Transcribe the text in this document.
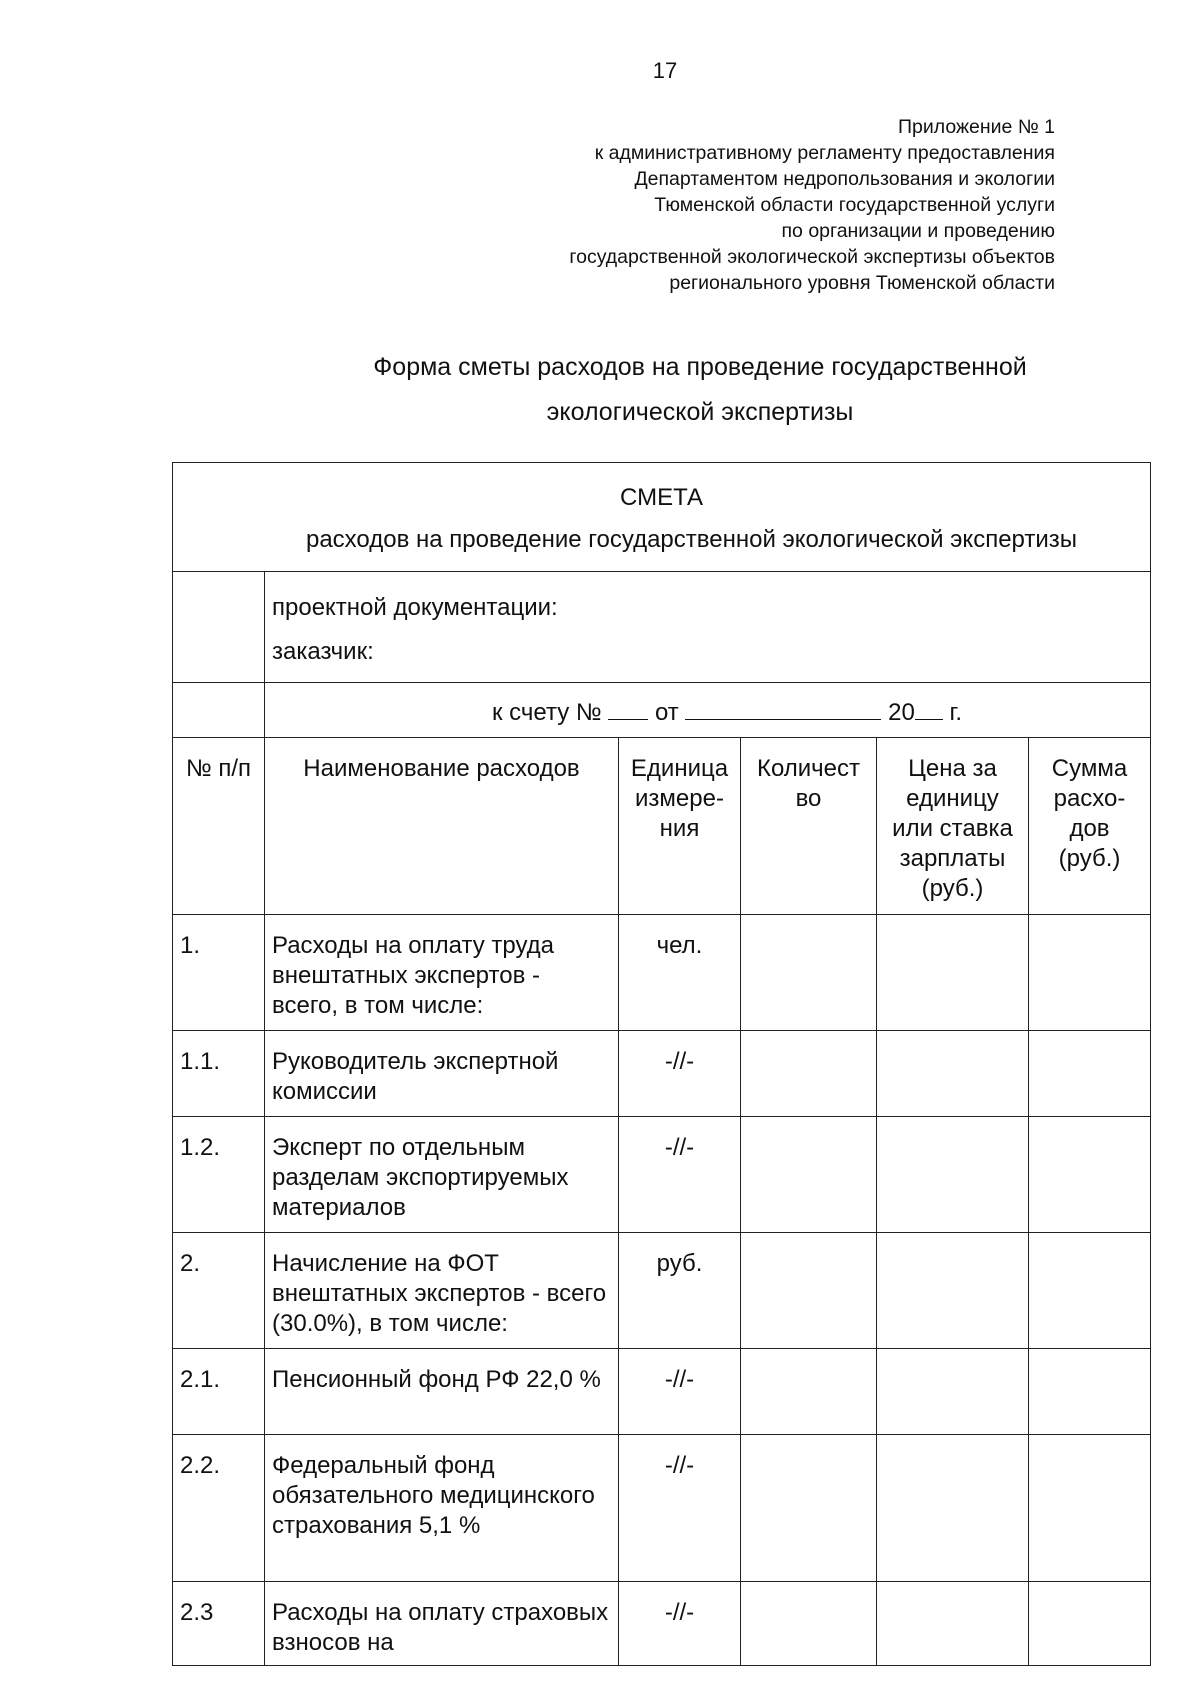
17
Приложение № 1
к административному регламенту предоставления
Департаментом недропользования и экологии
Тюменской области государственной услуги
по организации и проведению
государственной экологической экспертизы объектов
регионального уровня Тюменской области
Форма сметы расходов на проведение государственной
экологической экспертизы
СМЕТА
расходов на проведение государственной экологической экспертизы					

	проектной документации:
заказчик:				

	к счету № от 20 г.				

№ п/п	Наименование расходов	Единица измере-ния	Количест во	Цена за единицу или ставка зарплаты (руб.)	Сумма расхо-дов (руб.)
1.	Расходы на оплату труда внештатных экспертов - всего, в том числе:	чел.			
1.1.	Руководитель экспертной комиссии	-//-			
1.2.	Эксперт по отдельным разделам экспортируемых материалов	-//-			
2.	Начисление на ФОТ внештатных экспертов - всего (30.0%), в том числе:	руб.			
2.1.	Пенсионный фонд РФ 22,0 %	-//-			
2.2.	Федеральный фонд обязательного медицинского страхования 5,1 %	-//-			
2.3	Расходы на оплату страховых взносов на	-//-			
